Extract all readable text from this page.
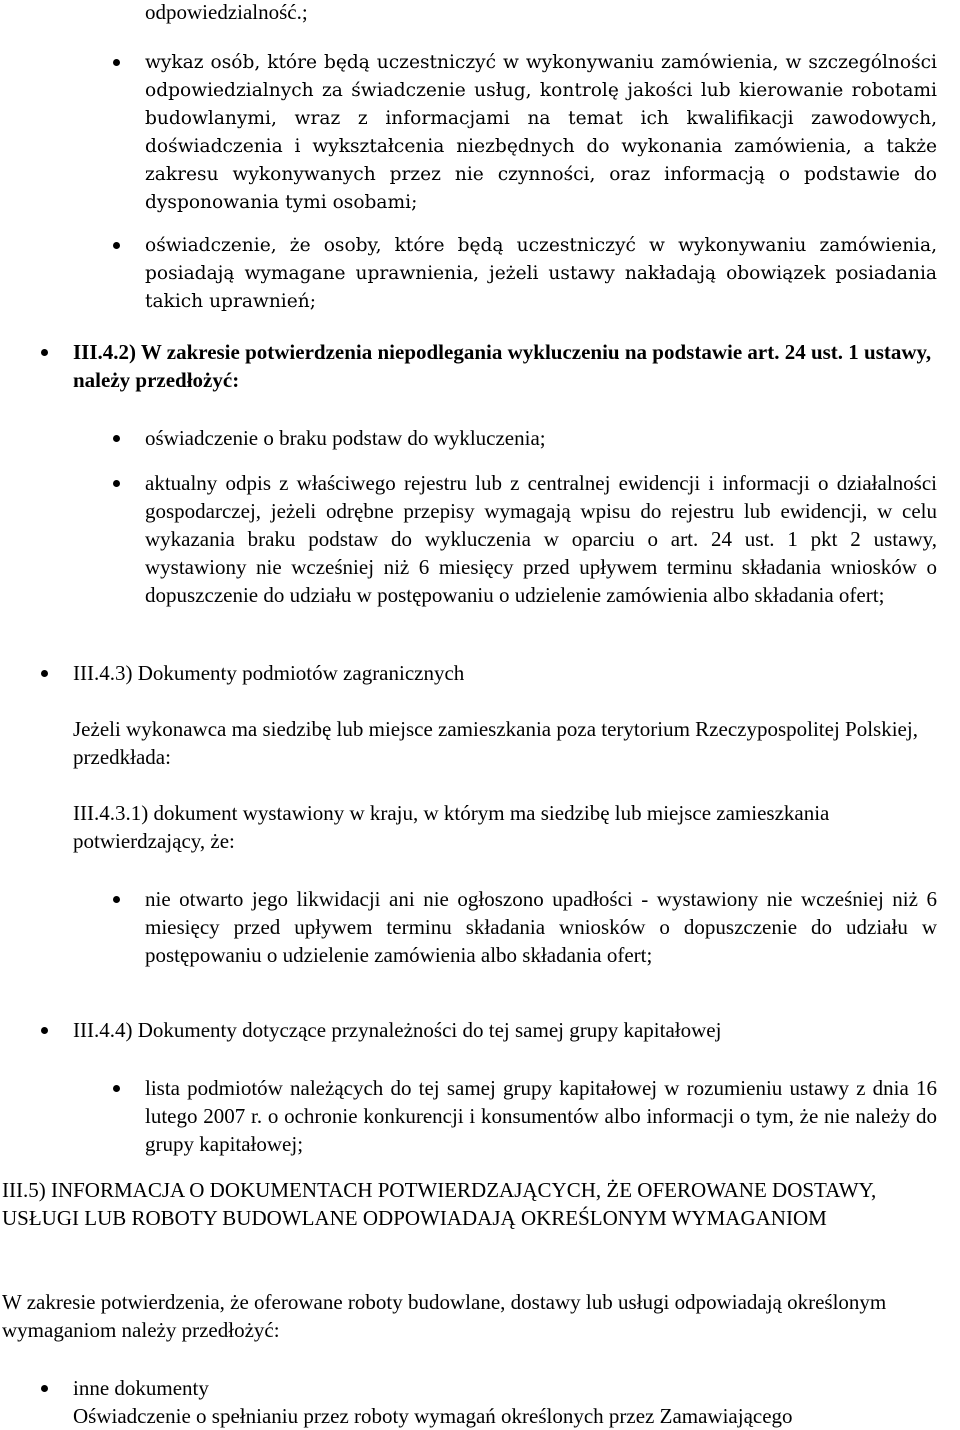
odpowiedzialność.;
wykaz osób, które będą uczestniczyć w wykonywaniu zamówienia, w szczególności odpowiedzialnych za świadczenie usług, kontrolę jakości lub kierowanie robotami budowlanymi, wraz z informacjami na temat ich kwalifikacji zawodowych, doświadczenia i wykształcenia niezbędnych do wykonania zamówienia, a także zakresu wykonywanych przez nie czynności, oraz informacją o podstawie do dysponowania tymi osobami;
oświadczenie, że osoby, które będą uczestniczyć w wykonywaniu zamówienia, posiadają wymagane uprawnienia, jeżeli ustawy nakładają obowiązek posiadania takich uprawnień;
III.4.2) W zakresie potwierdzenia niepodlegania wykluczeniu na podstawie art. 24 ust. 1 ustawy, należy przedłożyć:
oświadczenie o braku podstaw do wykluczenia;
aktualny odpis z właściwego rejestru lub z centralnej ewidencji i informacji o działalności gospodarczej, jeżeli odrębne przepisy wymagają wpisu do rejestru lub ewidencji, w celu wykazania braku podstaw do wykluczenia w oparciu o art. 24 ust. 1 pkt 2 ustawy, wystawiony nie wcześniej niż 6 miesięcy przed upływem terminu składania wniosków o dopuszczenie do udziału w postępowaniu o udzielenie zamówienia albo składania ofert;
III.4.3) Dokumenty podmiotów zagranicznych
Jeżeli wykonawca ma siedzibę lub miejsce zamieszkania poza terytorium Rzeczypospolitej Polskiej, przedkłada:
III.4.3.1) dokument wystawiony w kraju, w którym ma siedzibę lub miejsce zamieszkania potwierdzający, że:
nie otwarto jego likwidacji ani nie ogłoszono upadłości - wystawiony nie wcześniej niż 6 miesięcy przed upływem terminu składania wniosków o dopuszczenie do udziału w postępowaniu o udzielenie zamówienia albo składania ofert;
III.4.4) Dokumenty dotyczące przynależności do tej samej grupy kapitałowej
lista podmiotów należących do tej samej grupy kapitałowej w rozumieniu ustawy z dnia 16 lutego 2007 r. o ochronie konkurencji i konsumentów albo informacji o tym, że nie należy do grupy kapitałowej;
III.5) INFORMACJA O DOKUMENTACH POTWIERDZAJĄCYCH, ŻE OFEROWANE DOSTAWY, USŁUGI LUB ROBOTY BUDOWLANE ODPOWIADAJĄ OKREŚLONYM WYMAGANIOM
W zakresie potwierdzenia, że oferowane roboty budowlane, dostawy lub usługi odpowiadają określonym wymaganiom należy przedłożyć:
inne dokumenty
Oświadczenie o spełnianiu przez roboty wymagań określonych przez Zamawiającego
